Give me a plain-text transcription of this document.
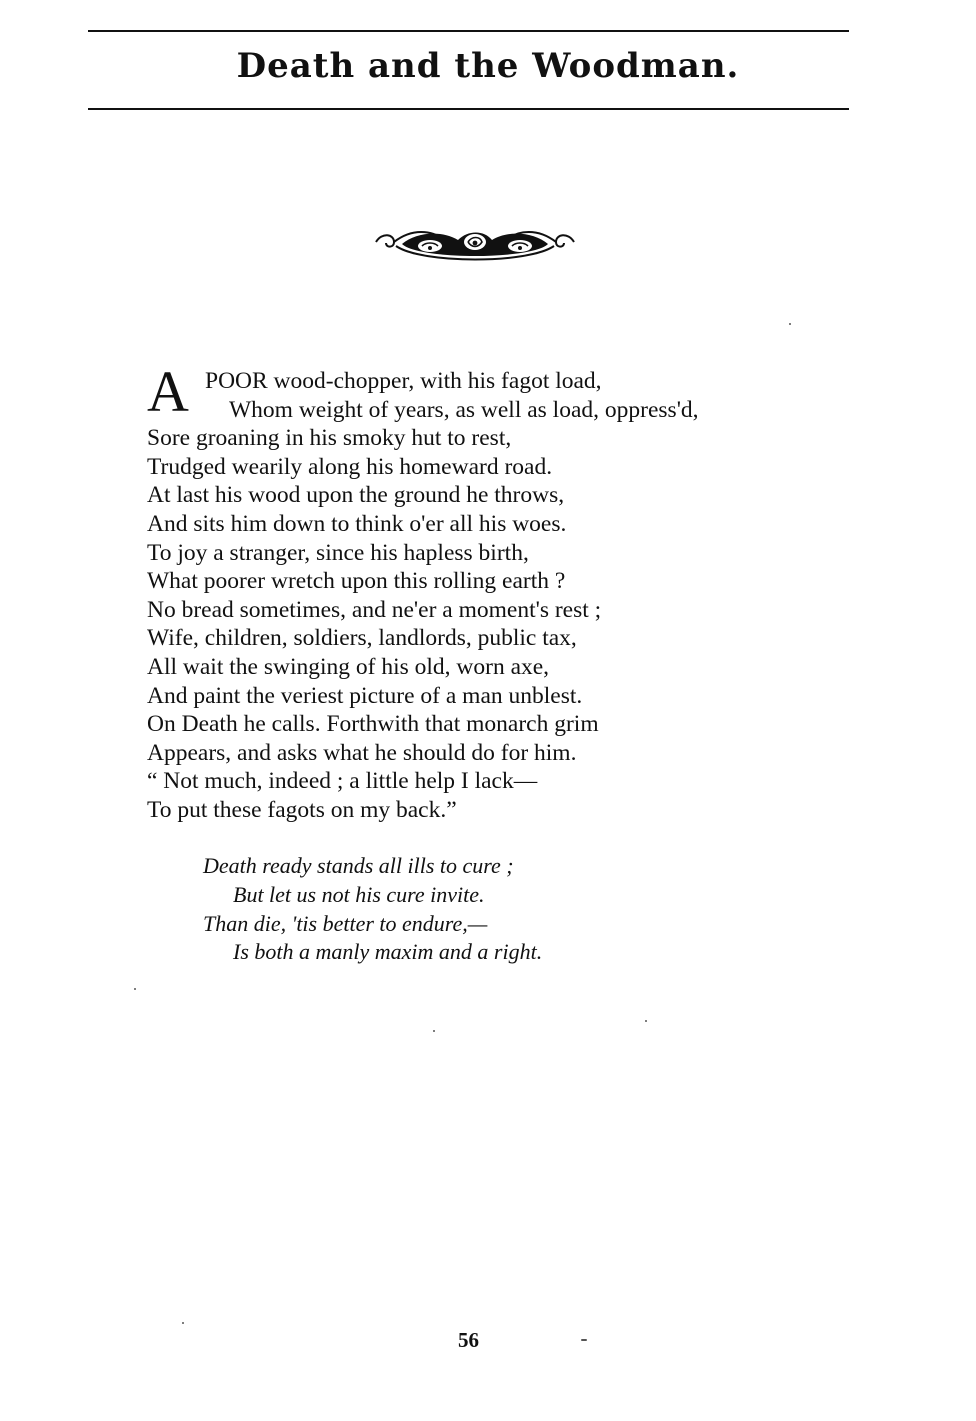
Death and the Woodman.
A POOR wood-chopper, with his fagot load,
Whom weight of years, as well as load, oppress'd,
Sore groaning in his smoky hut to rest,
Trudged wearily along his homeward road.
At last his wood upon the ground he throws,
And sits him down to think o'er all his woes.
To joy a stranger, since his hapless birth,
What poorer wretch upon this rolling earth ?
No bread sometimes, and ne'er a moment's rest ;
Wife, children, soldiers, landlords, public tax,
All wait the swinging of his old, worn axe,
And paint the veriest picture of a man unblest.
On Death he calls. Forthwith that monarch grim
Appears, and asks what he should do for him.
“ Not much, indeed ; a little help I lack—
To put these fagots on my back.”
Death ready stands all ills to cure ;
But let us not his cure invite.
Than die, 'tis better to endure,—
Is both a manly maxim and a right.
56
